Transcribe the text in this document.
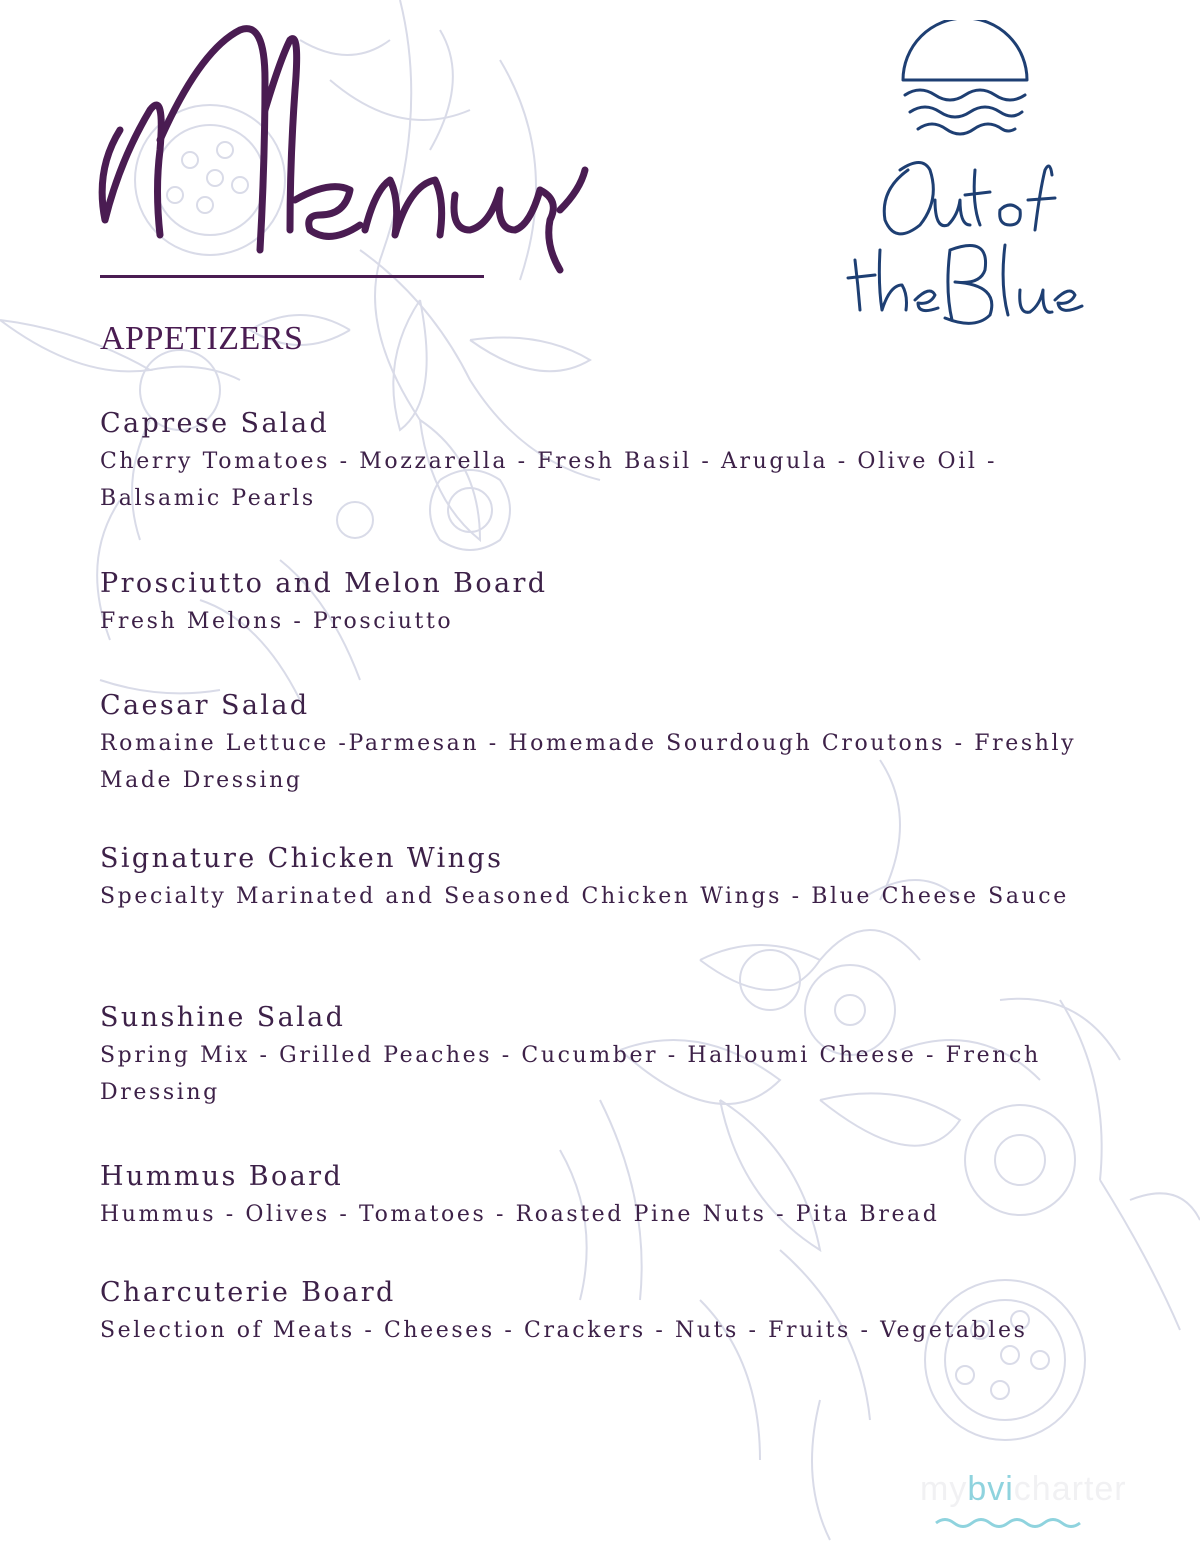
APPETIZERS

Caprese Salad

Cherry Tomatoes - Mozzarella - Fresh Basil - Arugula - Olive Oil - Balsamic Pearls

Prosciutto and Melon Board

Fresh Melons - Prosciutto

Caesar Salad

Romaine Lettuce -Parmesan - Homemade Sourdough Croutons - Freshly Made Dressing

Signature Chicken Wings

Specialty Marinated and Seasoned Chicken Wings - Blue Cheese Sauce

Sunshine Salad

Spring Mix - Grilled Peaches - Cucumber - Halloumi Cheese - French Dressing

Hummus Board

Hummus - Olives - Tomatoes - Roasted Pine Nuts - Pita Bread

Charcuterie Board

Selection of Meats - Cheeses - Crackers - Nuts - Fruits - Vegetables

mybvicharter
